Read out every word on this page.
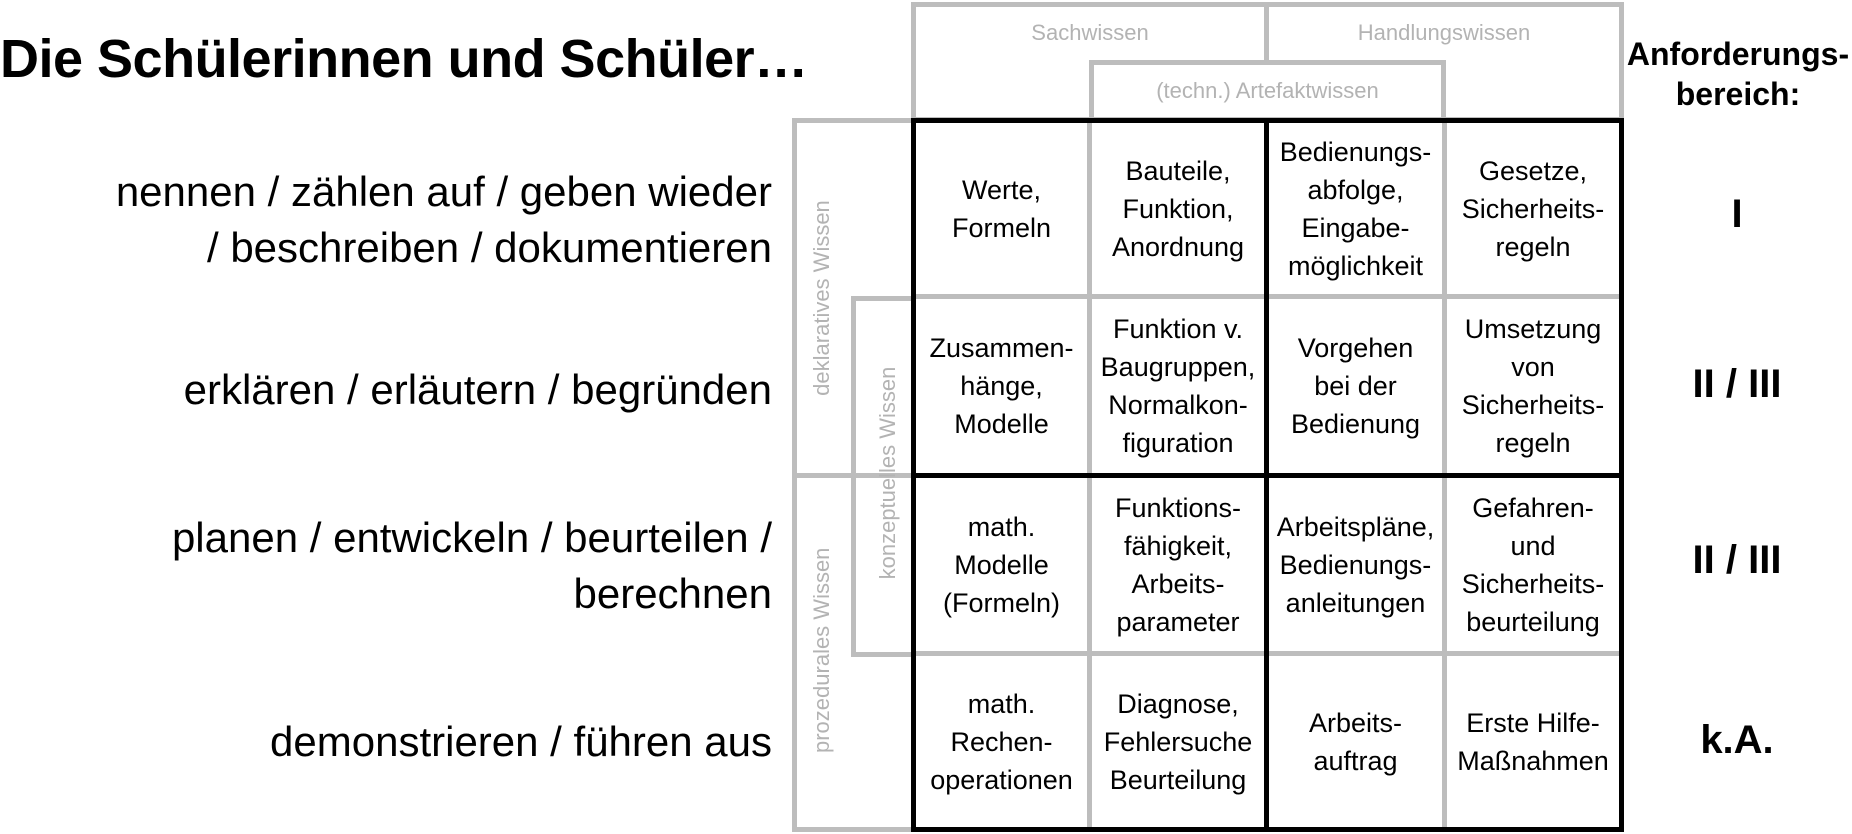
Die Schülerinnen und Schüler…
nennen / zählen auf / geben wieder
/ beschreiben / dokumentieren
erklären / erläutern / begründen
planen / entwickeln / beurteilen /
berechnen
demonstrieren / führen aus
Sachwissen	Handlungswissen
(techn.) Artefaktwissen
deklaratives Wissen
prozedurales Wissen
konzeptuelles Wissen
Werte,
Formeln
Bauteile,
Funktion,
Anordnung
Bedienungs-
abfolge,
Eingabe-
möglichkeit
Gesetze,
Sicherheits-
regeln
Zusammen-
hänge,
Modelle
Funktion v.
Baugruppen,
Normalkon-
figuration
Vorgehen
bei der
Bedienung
Umsetzung
von
Sicherheits-
regeln
math.
Modelle
(Formeln)
Funktions-
fähigkeit,
Arbeits-
parameter
Arbeitspläne,
Bedienungs-
anleitungen
Gefahren-
und
Sicherheits-
beurteilung
math.
Rechen-
operationen
Diagnose,
Fehlersuche
Beurteilung
Arbeits-
auftrag
Erste Hilfe-
Maßnahmen
Anforderungs-
bereich:
I
II / III
II / III
k.A.
